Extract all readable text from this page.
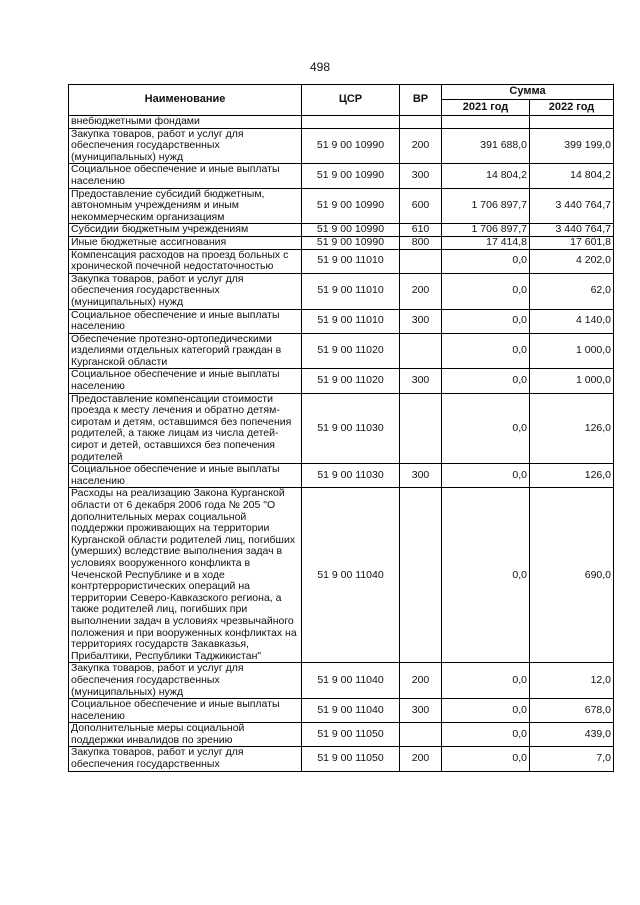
498
Наименование	ЦСР	ВР	Сумма	
			2021 год	2022 год
внебюджетными фондами				
Закупка товаров, работ и услуг для обеспечения государственных (муниципальных) нужд	51 9 00 10990	200	391 688,0	399 199,0
Социальное обеспечение и иные выплаты населению	51 9 00 10990	300	14 804,2	14 804,2
Предоставление субсидий бюджетным, автономным учреждениям и иным некоммерческим организациям	51 9 00 10990	600	1 706 897,7	3 440 764,7
Субсидии бюджетным учреждениям	51 9 00 10990	610	1 706 897,7	3 440 764,7
Иные бюджетные ассигнования	51 9 00 10990	800	17 414,8	17 601,8
Компенсация расходов на проезд больных с хронической почечной недостаточностью	51 9 00 11010		0,0	4 202,0
Закупка товаров, работ и услуг для обеспечения государственных (муниципальных) нужд	51 9 00 11010	200	0,0	62,0
Социальное обеспечение и иные выплаты населению	51 9 00 11010	300	0,0	4 140,0
Обеспечение протезно-ортопедическими изделиями отдельных категорий граждан в Курганской области	51 9 00 11020		0,0	1 000,0
Социальное обеспечение и иные выплаты населению	51 9 00 11020	300	0,0	1 000,0
Предоставление компенсации стоимости проезда к месту лечения и обратно детям-сиротам и детям, оставшимся без попечения родителей, а также лицам из числа детей-сирот и детей, оставшихся без попечения родителей	51 9 00 11030		0,0	126,0
Социальное обеспечение и иные выплаты населению	51 9 00 11030	300	0,0	126,0
Расходы на реализацию Закона Курганской области от 6 декабря 2006 года № 205 "О дополнительных мерах социальной поддержки проживающих на территории Курганской области родителей лиц, погибших (умерших) вследствие выполнения задач в условиях вооруженного конфликта в Чеченской Республике и в ходе контртеррористических операций на территории Северо-Кавказского региона, а также родителей лиц, погибших при выполнении задач в условиях чрезвычайного положения и при вооруженных конфликтах на территориях государств Закавказья, Прибалтики, Республики Таджикистан"	51 9 00 11040		0,0	690,0
Закупка товаров, работ и услуг для обеспечения государственных (муниципальных) нужд	51 9 00 11040	200	0,0	12,0
Социальное обеспечение и иные выплаты населению	51 9 00 11040	300	0,0	678,0
Дополнительные меры социальной поддержки инвалидов по зрению	51 9 00 11050		0,0	439,0
Закупка товаров, работ и услуг для обеспечения государственных	51 9 00 11050	200	0,0	7,0
